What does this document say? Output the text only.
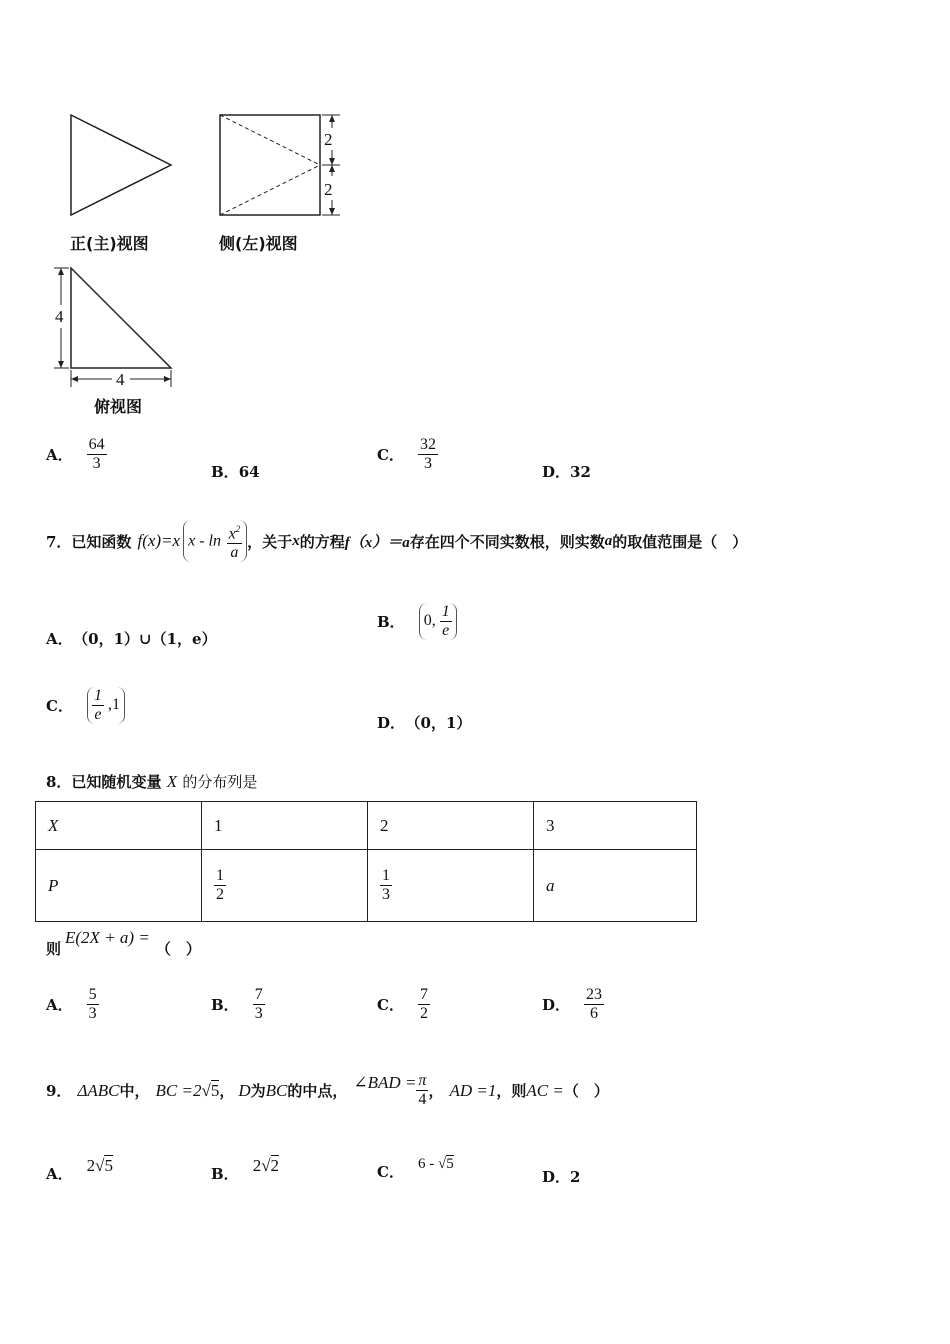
2
2
4
4
正(主)视图	侧(左)视图
俯视图
A． $\frac{64}{3}$	B．64
C． $\frac{32}{3}$	D．32
7．已知函数 f(x)=x x - $\ln \frac{x^2}{a}$ ，关于 x 的方程 f（x）＝a 存在四个不同实数根，则实数 a 的取值范围是（　）
A． （0，1）∪（1，e）
B．	0, $\frac{1}{e}$
C． $\frac{1}{e} ,1$
D． （0，1）
8．已知随机变量 X 的分布列是
X	1	2	3
P	$\frac{1}{2}$	$\frac{1}{3}$	a
则
E(2X + a) =
（　）
A． $\frac{5}{3}$	B． $\frac{7}{3}$	C． $\frac{7}{2}$	D． $\frac{23}{6}$
9． ΔABC 中， BC =2 √5 ， D 为 BC 的中点， ∠BAD = $\frac{\pi}{4}$ ， AD =1 ，则 AC = （　）
A． 2√5	B． 2√2	C． 6 - √5
D．2
